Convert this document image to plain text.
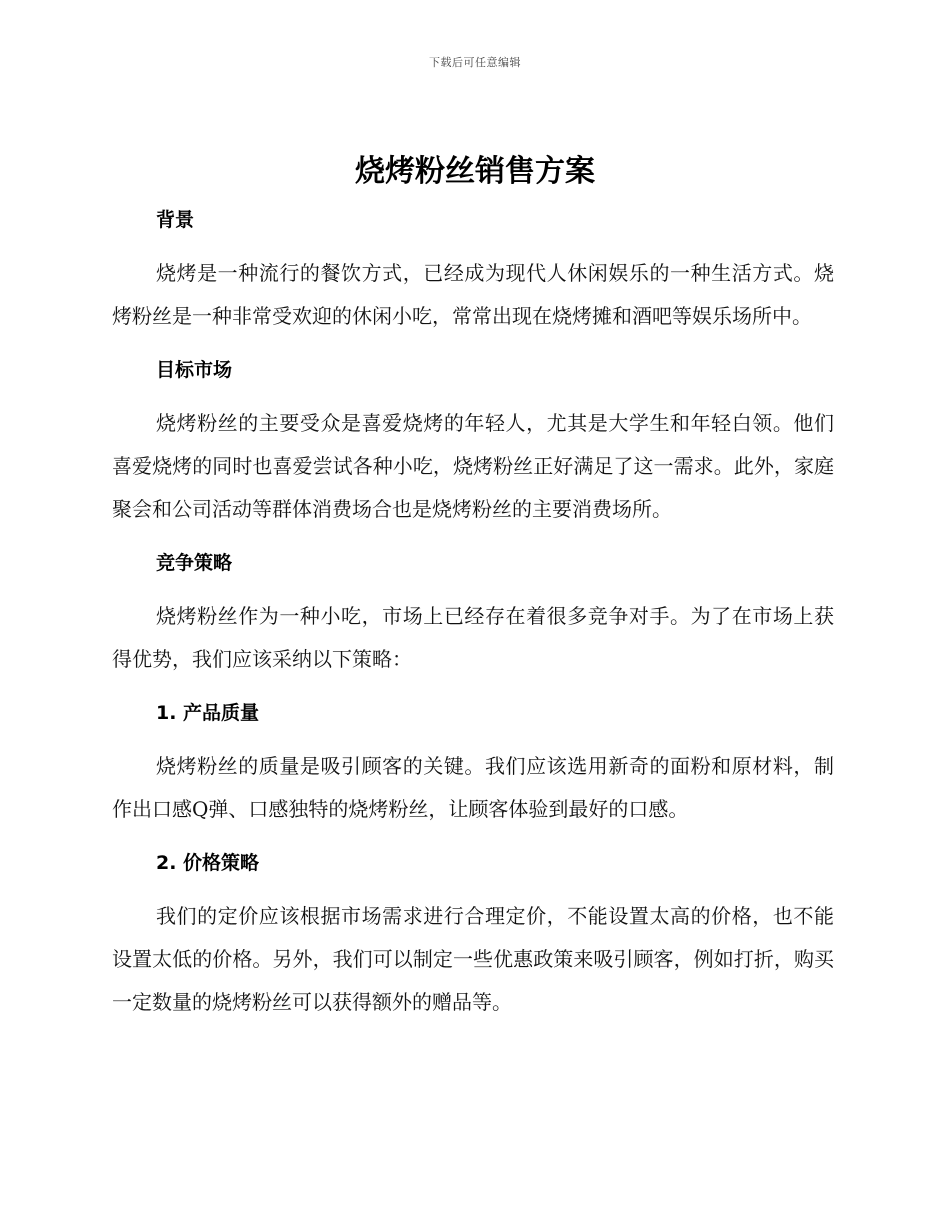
下载后可任意编辑
烧烤粉丝销售方案
背景

烧烤是一种流行的餐饮方式，已经成为现代人休闲娱乐的一种生活方式。烧烤粉丝是一种非常受欢迎的休闲小吃，常常出现在烧烤摊和酒吧等娱乐场所中。

目标市场

烧烤粉丝的主要受众是喜爱烧烤的年轻人，尤其是大学生和年轻白领。他们喜爱烧烤的同时也喜爱尝试各种小吃，烧烤粉丝正好满足了这一需求。此外，家庭聚会和公司活动等群体消费场合也是烧烤粉丝的主要消费场所。

竞争策略

烧烤粉丝作为一种小吃，市场上已经存在着很多竞争对手。为了在市场上获得优势，我们应该采纳以下策略：

1. 产品质量

烧烤粉丝的质量是吸引顾客的关键。我们应该选用新奇的面粉和原材料，制作出口感Q弹、口感独特的烧烤粉丝，让顾客体验到最好的口感。

2. 价格策略

我们的定价应该根据市场需求进行合理定价，不能设置太高的价格，也不能设置太低的价格。另外，我们可以制定一些优惠政策来吸引顾客，例如打折，购买一定数量的烧烤粉丝可以获得额外的赠品等。
